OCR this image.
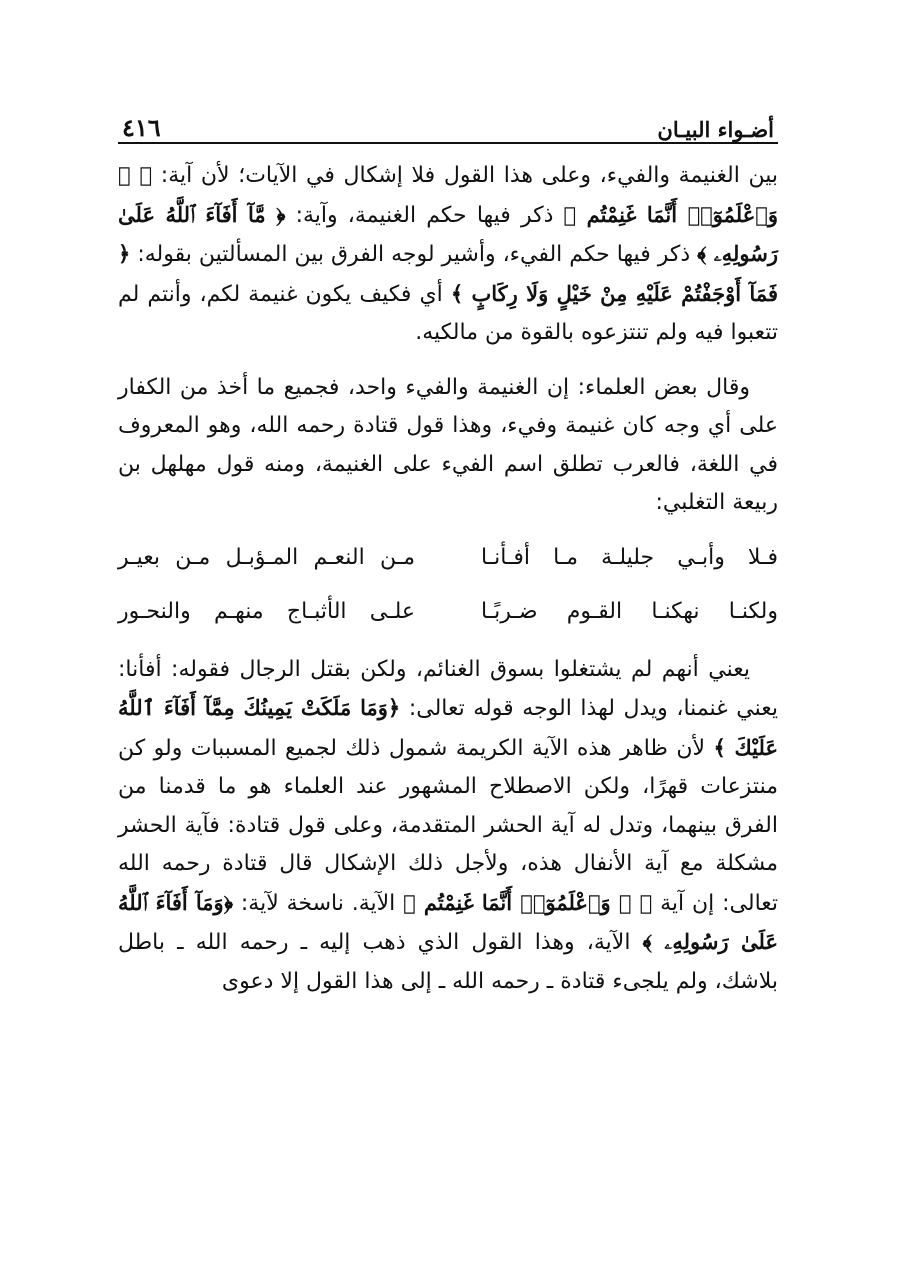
أضـواء البيـان
٤١٦

بين الغنيمة والفيء، وعلى هذا القول فلا إشكال في الآيات؛ لأن آية: ﴿ ۞ وَٱعْلَمُوٓا۟ أَنَّمَا غَنِمْتُم ﴾ ذكر فيها حكم الغنيمة، وآية: ﴿ مَّآ أَفَآءَ ٱللَّهُ عَلَىٰ رَسُولِهِۦ ﴾ ذكر فيها حكم الفيء، وأشير لوجه الفرق بين المسألتين بقوله: ﴿ فَمَآ أَوْجَفْتُمْ عَلَيْهِ مِنْ خَيْلٍ وَلَا رِكَابٍ ﴾ أي فكيف يكون غنيمة لكم، وأنتم لم تتعبوا فيه ولم تنتزعوه بالقوة من مالكيه.

وقال بعض العلماء: إن الغنيمة والفيء واحد، فجميع ما أخذ من الكفار على أي وجه كان غنيمة وفيء، وهذا قول قتادة رحمه الله، وهو المعروف في اللغة، فالعرب تطلق اسم الفيء على الغنيمة، ومنه قول مهلهل بن ربيعة التغلبي:

فـلا وأبـي جليلـة مـا أفـأنـا
مـن النعـم المـؤبـل مـن بعيـر
ولكنـا نهكنـا القـوم ضـربًـا
علـى الأثبـاج منهـم والنحـور

يعني أنهم لم يشتغلوا بسوق الغنائم، ولكن بقتل الرجال فقوله: أفأنا: يعني غنمنا، ويدل لهذا الوجه قوله تعالى: ﴿وَمَا مَلَكَتْ يَمِينُكَ مِمَّآ أَفَآءَ ٱللَّهُ عَلَيْكَ ﴾ لأن ظاهر هذه الآية الكريمة شمول ذلك لجميع المسببات ولو كن منتزعات قهرًا، ولكن الاصطلاح المشهور عند العلماء هو ما قدمنا من الفرق بينهما، وتدل له آية الحشر المتقدمة، وعلى قول قتادة: فآية الحشر مشكلة مع آية الأنفال هذه، ولأجل ذلك الإشكال قال قتادة رحمه الله تعالى: إن آية ﴿ ۞ وَٱعْلَمُوٓا۟ أَنَّمَا غَنِمْتُم ﴾ الآية. ناسخة لآية: ﴿وَمَآ أَفَآءَ ٱللَّهُ عَلَىٰ رَسُولِهِۦ ﴾ الآية، وهذا القول الذي ذهب إليه ـ رحمه الله ـ باطل بلاشك، ولم يلجىء قتادة ـ رحمه الله ـ إلى هذا القول إلا دعوى
